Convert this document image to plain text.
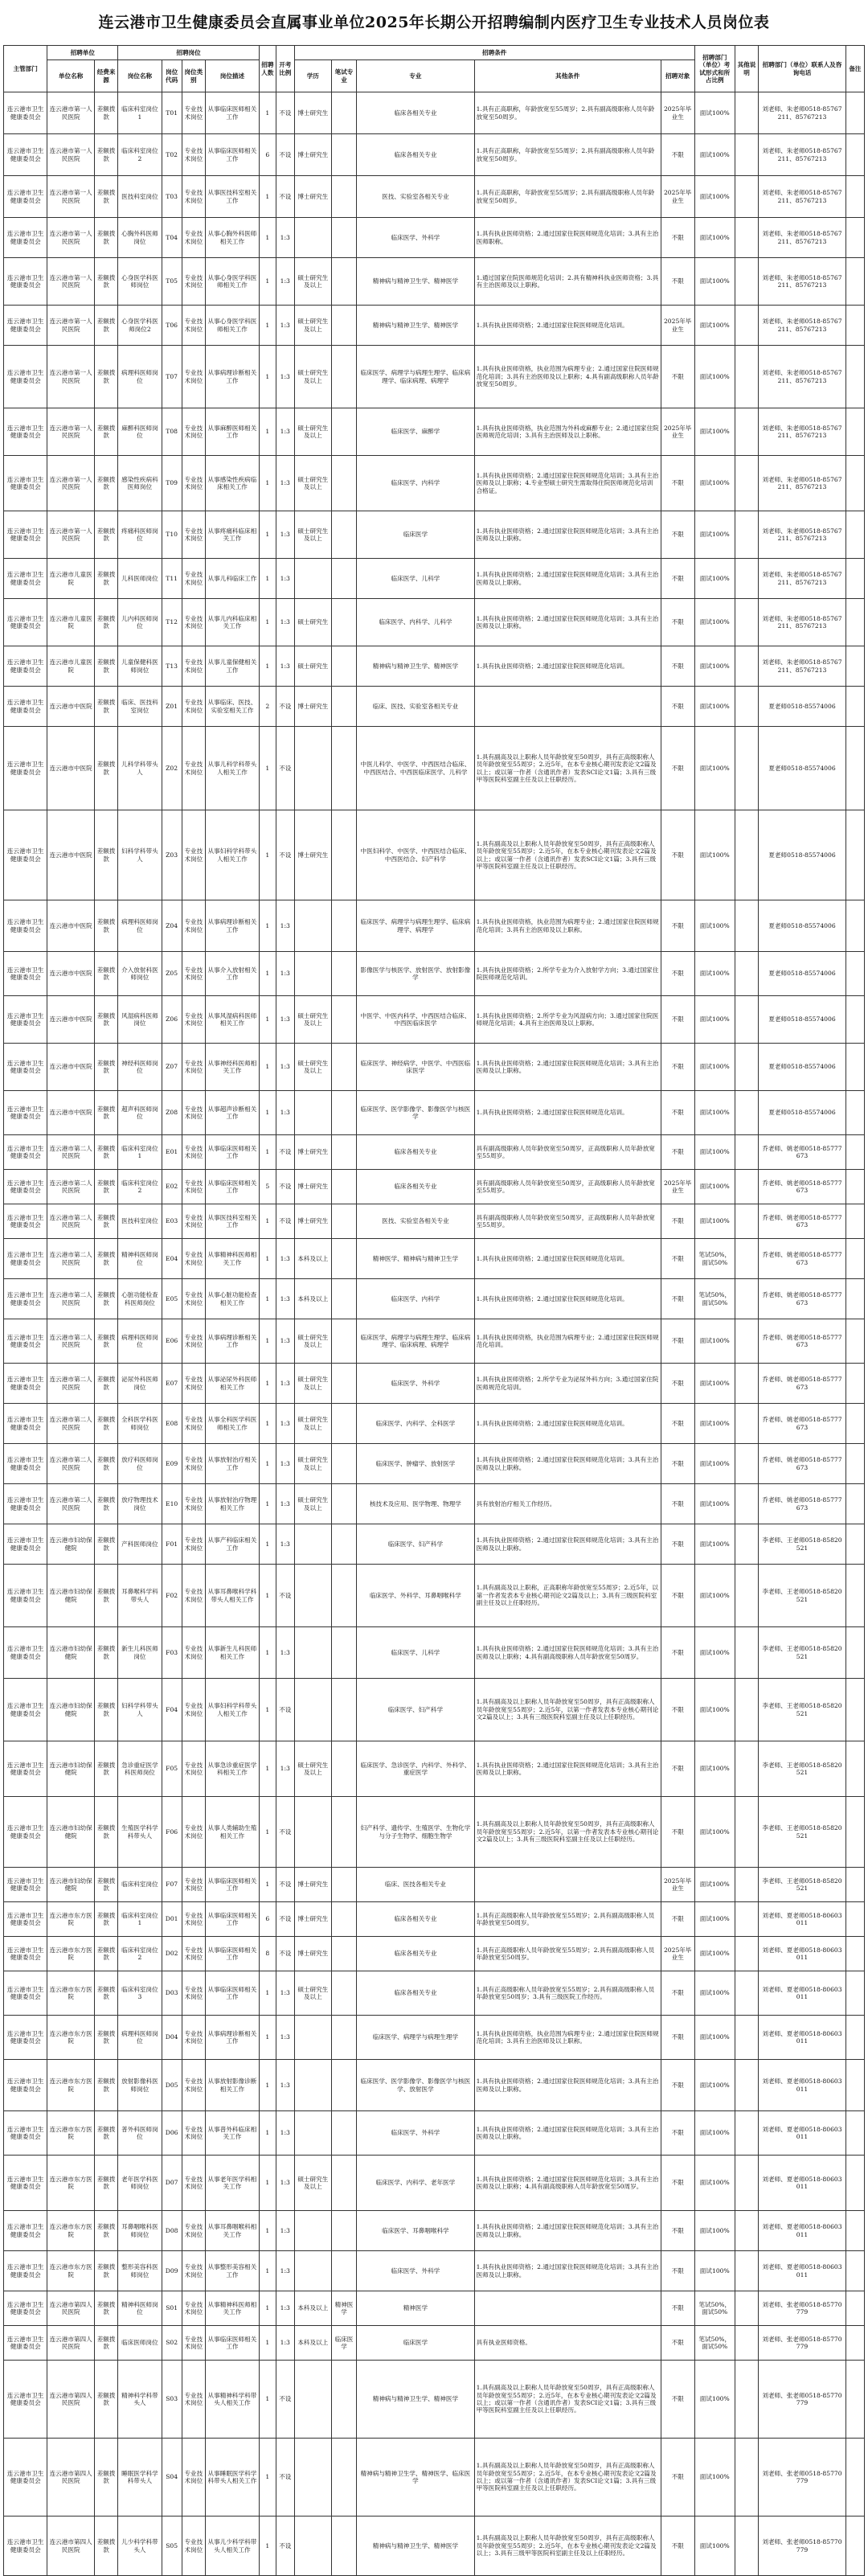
连云港市卫生健康委员会直属事业单位2025年长期公开招聘编制内医疗卫生专业技术人员岗位表
主管部门	招聘单位		招聘岗位				招聘人数	开考比例	招聘条件					招聘部门（单位）考试形式和所占比例	其他说明	招聘部门（单位）联系人及咨询电话	备注
	单位名称	经费来源	岗位名称	岗位代码	岗位类别	岗位描述			学历	笔试专业	专业	其他条件	招聘对象				
连云港市卫生健康委员会	连云港市第一人民医院	差额拨款	临床科室岗位1	T01	专业技术岗位	从事临床医师相关工作	1	不设	博士研究生		临床各相关专业	1.具有正高职称，年龄放宽至55周岁；2.具有副高级职称人员年龄放宽至50周岁。	2025年毕业生	面试100%		刘老师、朱老师0518-85767211、85767213	
连云港市卫生健康委员会	连云港市第一人民医院	差额拨款	临床科室岗位2	T02	专业技术岗位	从事临床医师相关工作	6	不设	博士研究生		临床各相关专业	1.具有正高职称，年龄放宽至55周岁；2.具有副高级职称人员年龄放宽至50周岁。	不限	面试100%		刘老师、朱老师0518-85767211、85767213	
连云港市卫生健康委员会	连云港市第一人民医院	差额拨款	医技科室岗位	T03	专业技术岗位	从事医技科室相关工作	1	不设	博士研究生		医技、实验室各相关专业	1.具有正高职称，年龄放宽至55周岁；2.具有副高级职称人员年龄放宽至50周岁。	2025年毕业生	面试100%		刘老师、朱老师0518-85767211、85767213	
连云港市卫生健康委员会	连云港市第一人民医院	差额拨款	心胸外科医师岗位	T04	专业技术岗位	从事心胸外科医师相关工作	1	1:3			临床医学、外科学	1.具有执业医师资格；2.通过国家住院医师规范化培训；3.具有主治医师职称。	不限	面试100%		刘老师、朱老师0518-85767211、85767213	
连云港市卫生健康委员会	连云港市第一人民医院	差额拨款	心身医学科医师岗位	T05	专业技术岗位	从事心身医学科医师相关工作	1	1:3	硕士研究生及以上		精神病与精神卫生学、精神医学	1.通过国家住院医师规范化培训；2.具有精神科执业医师资格；3.具有主治医师及以上职称。	不限	面试100%		刘老师、朱老师0518-85767211、85767213	
连云港市卫生健康委员会	连云港市第一人民医院	差额拨款	心身医学科医师岗位2	T06	专业技术岗位	从事心身医学科医师相关工作	1	1:3	硕士研究生及以上		精神病与精神卫生学、精神医学	1.具有执业医师资格；2.通过国家住院医师规范化培训。	2025年毕业生	面试100%		刘老师、朱老师0518-85767211、85767213	
连云港市卫生健康委员会	连云港市第一人民医院	差额拨款	病理科医师岗位	T07	专业技术岗位	从事病理诊断相关工作	1	1:3	硕士研究生及以上		临床医学、病理学与病理生理学、临床病理学、临床病理、病理学	1.具有执业医师资格，执业范围为病理专业；2.通过国家住院医师规范化培训；3.具有主治医师及以上职称；4.具有副高级职称人员年龄放宽至50周岁。	不限	面试100%		刘老师、朱老师0518-85767211、85767213	
连云港市卫生健康委员会	连云港市第一人民医院	差额拨款	麻醉科医师岗位	T08	专业技术岗位	从事麻醉医师相关工作	1	1:3	硕士研究生及以上		临床医学、麻醉学	1.具有执业医师资格，执业范围为外科或麻醉专业；2.通过国家住院医师规范化培训；3.具有主治医师及以上职称。	2025年毕业生	面试100%		刘老师、朱老师0518-85767211、85767213	
连云港市卫生健康委员会	连云港市第一人民医院	差额拨款	感染性疾病科医师岗位	T09	专业技术岗位	从事感染性疾病临床相关工作	1	1:3	硕士研究生及以上		临床医学、内科学	1.具有执业医师资格；2.通过国家住院医师规范化培训；3.具有主治医师及以上职称；4.专业型硕士研究生需取得住院医师规范化培训合格证。	不限	面试100%		刘老师、朱老师0518-85767211、85767213	
连云港市卫生健康委员会	连云港市第一人民医院	差额拨款	疼痛科医师岗位	T10	专业技术岗位	从事疼痛科临床相关工作	1	1:3	硕士研究生及以上		临床医学	1.具有执业医师资格；2.通过国家住院医师规范化培训；3.具有主治医师及以上职称。	不限	面试100%		刘老师、朱老师0518-85767211、85767213	
连云港市卫生健康委员会	连云港市儿童医院	差额拨款	儿科医师岗位	T11	专业技术岗位	从事儿科临床工作	1	1:3			临床医学、儿科学	1.具有执业医师资格；2.通过国家住院医师规范化培训；3.具有主治医师及以上职称。	不限	面试100%		刘老师、朱老师0518-85767211、85767213	
连云港市卫生健康委员会	连云港市儿童医院	差额拨款	儿内科医师岗位	T12	专业技术岗位	从事儿内科临床相关工作	1	1:3	硕士研究生		临床医学、内科学、儿科学	1.具有执业医师资格；2.通过国家住院医师规范化培训；3.具有主治医师及以上职称。	不限	面试100%		刘老师、朱老师0518-85767211、85767213	
连云港市卫生健康委员会	连云港市儿童医院	差额拨款	儿童保健科医师岗位	T13	专业技术岗位	从事儿童保健相关工作	1	1:3	硕士研究生		精神病与精神卫生学、精神医学	1.具有执业医师资格；2.通过国家住院医师规范化培训。	不限	面试100%		刘老师、朱老师0518-85767211、85767213	
连云港市卫生健康委员会	连云港市中医院	差额拨款	临床、医技科室岗位	Z01	专业技术岗位	从事临床、医技、实验室相关工作	2	不设	博士研究生		临床、医技、实验室各相关专业		不限	面试100%		夏老师0518-85574006	
连云港市卫生健康委员会	连云港市中医院	差额拨款	儿科学科带头人	Z02	专业技术岗位	从事儿科学科带头人相关工作	1	不设			中医儿科学、中医学、中西医结合临床、中西医结合、中西医临床医学、儿科学	1.具有副高及以上职称人员年龄放宽至50周岁，具有正高级职称人员年龄放宽至55周岁；2.近5年，在本专业核心期刊发表论文2篇及以上；或以第一作者（含通讯作者）发表SCI论文1篇；3.具有三级甲等医院科室副主任及以上任职经历。	不限	面试100%		夏老师0518-85574006	
连云港市卫生健康委员会	连云港市中医院	差额拨款	妇科学科带头人	Z03	专业技术岗位	从事妇科学科带头人相关工作	1	不设	博士研究生		中医妇科学、中医学、中西医结合临床、中西医结合、妇产科学	1.具有副高及以上职称人员年龄放宽至50周岁，具有正高级职称人员年龄放宽至55周岁；2.近5年，在本专业核心期刊发表论文2篇及以上；或以第一作者（含通讯作者）发表SCI论文1篇；3.具有三级甲等医院科室副主任及以上任职经历。	不限	面试100%		夏老师0518-85574006	
连云港市卫生健康委员会	连云港市中医院	差额拨款	病理科医师岗位	Z04	专业技术岗位	从事病理诊断相关工作	1	1:3			临床医学、病理学与病理生理学、临床病理学、病理学	1.具有执业医师资格，执业范围为病理专业；2.通过国家住院医师规范化培训；3.具有主治医师及以上职称。	不限	面试100%		夏老师0518-85574006	
连云港市卫生健康委员会	连云港市中医院	差额拨款	介入放射科医师岗位	Z05	专业技术岗位	从事介入放射相关工作	1	1:3			影像医学与核医学、放射医学、放射影像学	1.具有执业医师资格；2.所学专业为介入放射学方向；3.通过国家住院医师规范化培训。	不限	面试100%		夏老师0518-85574006	
连云港市卫生健康委员会	连云港市中医院	差额拨款	风湿病科医师岗位	Z06	专业技术岗位	从事风湿病科医师相关工作	1	1:3	硕士研究生及以上		中医学、中医内科学、中西医结合临床、中西医临床医学	1.具有执业医师资格；2.所学专业为风湿病方向；3.通过国家住院医师规范化培训；4.具有主治医师及以上职称。	不限	面试100%		夏老师0518-85574006	
连云港市卫生健康委员会	连云港市中医院	差额拨款	神经科医师岗位	Z07	专业技术岗位	从事神经科医师相关工作	1	1:3	硕士研究生及以上		临床医学、神经病学、中医学、中西医临床医学	1.具有执业医师资格；2.通过国家住院医师规范化培训；3.具有主治医师及以上职称。	不限	面试100%		夏老师0518-85574006	
连云港市卫生健康委员会	连云港市中医院	差额拨款	超声科医师岗位	Z08	专业技术岗位	从事超声诊断相关工作	1	1:3			临床医学、医学影像学、影像医学与核医学	1.具有执业医师资格；2.通过国家住院医师规范化培训。	不限	面试100%		夏老师0518-85574006	
连云港市卫生健康委员会	连云港市第二人民医院	差额拨款	临床科室岗位1	E01	专业技术岗位	从事临床医师相关工作	1	不设	博士研究生		临床各相关专业	具有副高级职称人员年龄放宽至50周岁，正高级职称人员年龄放宽至55周岁。	不限	面试100%		乔老师、姚老师0518-85777673	
连云港市卫生健康委员会	连云港市第二人民医院	差额拨款	临床科室岗位2	E02	专业技术岗位	从事临床医师相关工作	5	不设	博士研究生		临床各相关专业	具有副高级职称人员年龄放宽至50周岁，正高级职称人员年龄放宽至55周岁。	2025年毕业生	面试100%		乔老师、姚老师0518-85777673	
连云港市卫生健康委员会	连云港市第二人民医院	差额拨款	医技科室岗位	E03	专业技术岗位	从事医技科室相关工作	1	不设	博士研究生		医技、实验室各相关专业	具有副高级职称人员年龄放宽至50周岁，正高级职称人员年龄放宽至55周岁。	不限	面试100%		乔老师、姚老师0518-85777673	
连云港市卫生健康委员会	连云港市第二人民医院	差额拨款	精神科医师岗位	E04	专业技术岗位	从事精神科医师相关工作	1	1:3	本科及以上		精神医学、精神病与精神卫生学	1.具有执业医师资格；2.通过国家住院医师规范化培训。	不限	笔试50%，面试50%		乔老师、姚老师0518-85777673	
连云港市卫生健康委员会	连云港市第二人民医院	差额拨款	心脏功能检查科医师岗位	E05	专业技术岗位	从事心脏功能检查相关工作	1	1:3	本科及以上		临床医学、内科学	1.具有执业医师资格；2.通过国家住院医师规范化培训。	不限	笔试50%，面试50%		乔老师、姚老师0518-85777673	
连云港市卫生健康委员会	连云港市第二人民医院	差额拨款	病理科医师岗位	E06	专业技术岗位	从事病理诊断相关工作	1	1:3	硕士研究生及以上		临床医学、病理学与病理生理学、临床病理学、临床病理、病理学	1.具有执业医师资格，执业范围为病理专业；2.通过国家住院医师规范化培训。	不限	面试100%		乔老师、姚老师0518-85777673	
连云港市卫生健康委员会	连云港市第二人民医院	差额拨款	泌尿外科医师岗位	E07	专业技术岗位	从事泌尿外科医师相关工作	1	1:3	硕士研究生及以上		临床医学、外科学	1.具有执业医师资格；2.所学专业为泌尿外科方向；3.通过国家住院医师规范化培训。	不限	面试100%		乔老师、姚老师0518-85777673	
连云港市卫生健康委员会	连云港市第二人民医院	差额拨款	全科医学科医师岗位	E08	专业技术岗位	从事全科医学科医师相关工作	1	1:3	硕士研究生及以上		临床医学、内科学、全科医学	1.具有执业医师资格；2.通过国家住院医师规范化培训。	不限	面试100%		乔老师、姚老师0518-85777673	
连云港市卫生健康委员会	连云港市第二人民医院	差额拨款	放疗科医师岗位	E09	专业技术岗位	从事放射治疗相关工作	1	1:3	硕士研究生及以上		临床医学、肿瘤学、放射医学	1.具有执业医师资格；2.通过国家住院医师规范化培训；3.具有主治医师及以上职称。	不限	面试100%		乔老师、姚老师0518-85777673	
连云港市卫生健康委员会	连云港市第二人民医院	差额拨款	放疗物理技术岗位	E10	专业技术岗位	从事放射治疗物理相关工作	1	1:3	硕士研究生及以上		核技术及应用、医学物理、物理学	具有放射治疗相关工作经历。	不限	面试100%		乔老师、姚老师0518-85777673	
连云港市卫生健康委员会	连云港市妇幼保健院	差额拨款	产科医师岗位	F01	专业技术岗位	从事产科临床相关工作	1	1:3			临床医学、妇产科学	1.具有执业医师资格；2.通过国家住院医师规范化培训；3.具有主治医师及以上职称。	不限	面试100%		李老师、王老师0518-85820521	
连云港市卫生健康委员会	连云港市妇幼保健院	差额拨款	耳鼻喉科学科带头人	F02	专业技术岗位	从事耳鼻喉科学科带头人相关工作	1	不设			临床医学、外科学、耳鼻咽喉科学	1.具有副高及以上职称，正高职称年龄放宽至55周岁；2.近5年，以第一作者发表本专业核心期刊论文2篇及以上；3.具有三级医院科室副主任及以上任职经历。	不限	面试100%		李老师、王老师0518-85820521	
连云港市卫生健康委员会	连云港市妇幼保健院	差额拨款	新生儿科医师岗位	F03	专业技术岗位	从事新生儿科医师相关工作	1	1:3			临床医学、儿科学	1.具有执业医师资格；2.通过国家住院医师规范化培训；3.具有主治医师及以上职称；4.具有副高级职称人员年龄放宽至50周岁。	不限	面试100%		李老师、王老师0518-85820521	
连云港市卫生健康委员会	连云港市妇幼保健院	差额拨款	妇科学科带头人	F04	专业技术岗位	从事妇科学科带头人相关工作	1	不设			临床医学、妇产科学	1.具有副高及以上职称人员年龄放宽至50周岁，具有正高级职称人员年龄放宽至55周岁；2.近5年，以第一作者发表本专业核心期刊论文2篇及以上；3.具有三级医院科室副主任及以上任职经历。	不限	面试100%		李老师、王老师0518-85820521	
连云港市卫生健康委员会	连云港市妇幼保健院	差额拨款	急诊重症医学科医师岗位	F05	专业技术岗位	从事急诊重症医学科相关工作	1	1:3	硕士研究生及以上		临床医学、急诊医学、内科学、外科学、重症医学	1.具有执业医师资格；2.通过国家住院医师规范化培训；3.具有主治医师及以上职称。	不限	面试100%		李老师、王老师0518-85820521	
连云港市卫生健康委员会	连云港市妇幼保健院	差额拨款	生殖医学科学科带头人	F06	专业技术岗位	从事人类辅助生殖相关工作	1	不设			妇产科学、遗传学、生殖医学、生物化学与分子生物学、细胞生物学	1.具有副高及以上职称人员年龄放宽至50周岁，具有正高级职称人员年龄放宽至55周岁；2.近5年，以第一作者发表本专业核心期刊论文2篇及以上；3.具有三级医院科室副主任及以上任职经历。	不限	面试100%		李老师、王老师0518-85820521	
连云港市卫生健康委员会	连云港市妇幼保健院	差额拨款	临床科室岗位	F07	专业技术岗位	从事临床医师相关工作	1	不设	博士研究生		临床、医技各相关专业		2025年毕业生	面试100%		李老师、王老师0518-85820521	
连云港市卫生健康委员会	连云港市东方医院	差额拨款	临床科室岗位1	D01	专业技术岗位	从事临床医师相关工作	6	不设	博士研究生		临床各相关专业	1.具有正高级职称人员年龄放宽至55周岁；2.具有副高级职称人员年龄放宽至50周岁。	不限	面试100%		刘老师、夏老师0518-80603011	
连云港市卫生健康委员会	连云港市东方医院	差额拨款	临床科室岗位2	D02	专业技术岗位	从事临床医师相关工作	8	不设	博士研究生		临床各相关专业	1.具有正高级职称人员年龄放宽至55周岁；2.具有副高级职称人员年龄放宽至50周岁。	2025年毕业生	面试100%		刘老师、夏老师0518-80603011	
连云港市卫生健康委员会	连云港市东方医院	差额拨款	临床科室岗位3	D03	专业技术岗位	从事临床医师相关工作	1	1:3	硕士研究生及以上		临床各相关专业	1.具有正高级职称人员年龄放宽至55周岁；2.具有副高级职称人员年龄放宽至50周岁；3.具有三级医院工作经历。	不限	面试100%		刘老师、夏老师0518-80603011	
连云港市卫生健康委员会	连云港市东方医院	差额拨款	病理科医师岗位	D04	专业技术岗位	从事病理诊断相关工作	1	1:3			临床医学、病理学与病理生理学	1.具有执业医师资格，执业范围为病理专业；2.通过国家住院医师规范化培训；3.具有主治医师及以上职称。	不限	面试100%		刘老师、夏老师0518-80603011	
连云港市卫生健康委员会	连云港市东方医院	差额拨款	放射影像科医师岗位	D05	专业技术岗位	从事放射影像诊断相关工作	1	1:3			临床医学、医学影像学、影像医学与核医学、放射医学	1.具有执业医师资格；2.通过国家住院医师规范化培训；3.具有主治医师及以上职称。	不限	面试100%		刘老师、夏老师0518-80603011	
连云港市卫生健康委员会	连云港市东方医院	差额拨款	普外科医师岗位	D06	专业技术岗位	从事普外科临床相关工作	1	1:3			临床医学、外科学	1.具有执业医师资格；2.通过国家住院医师规范化培训；3.具有主治医师及以上职称。	不限	面试100%		刘老师、夏老师0518-80603011	
连云港市卫生健康委员会	连云港市东方医院	差额拨款	老年医学科医师岗位	D07	专业技术岗位	从事老年医学科相关工作	1	1:3	硕士研究生及以上		临床医学、内科学、老年医学	1.具有执业医师资格；2.通过国家住院医师规范化培训；3.具有主治医师及以上职称；4.具有副高级职称人员年龄放宽至50周岁。	不限	面试100%		刘老师、夏老师0518-80603011	
连云港市卫生健康委员会	连云港市东方医院	差额拨款	耳鼻咽喉科医师岗位	D08	专业技术岗位	从事耳鼻咽喉科相关工作	1	1:3			临床医学、耳鼻咽喉科学	1.具有执业医师资格；2.通过国家住院医师规范化培训；3.具有主治医师及以上职称。	不限	面试100%		刘老师、夏老师0518-80603011	
连云港市卫生健康委员会	连云港市东方医院	差额拨款	整形美容科医师岗位	D09	专业技术岗位	从事整形美容相关工作	1	1:3			临床医学、外科学	1.具有执业医师资格；2.通过国家住院医师规范化培训；3.具有主治医师及以上职称。	不限	面试100%		刘老师、夏老师0518-80603011	
连云港市卫生健康委员会	连云港市第四人民医院	差额拨款	精神科医师岗位	S01	专业技术岗位	从事精神科医师相关工作	1	1:3	本科及以上	精神医学	精神医学		不限	笔试50%，面试50%		刘老师、张老师0518-85770779	
连云港市卫生健康委员会	连云港市第四人民医院	差额拨款	临床医师岗位	S02	专业技术岗位	从事临床医师相关工作	1	1:3	本科及以上	临床医学	临床医学	具有执业医师资格。	不限	笔试50%，面试50%		刘老师、张老师0518-85770779	
连云港市卫生健康委员会	连云港市第四人民医院	差额拨款	精神科学科带头人	S03	专业技术岗位	从事精神科学科带头人相关工作	1	不设			精神病与精神卫生学、精神医学	1.具有副高及以上职称人员年龄放宽至50周岁，具有正高级职称人员年龄放宽至55周岁；2.近5年，在本专业核心期刊发表论文2篇及以上；或以第一作者（含通讯作者）发表SCI论文1篇；3.具有三级甲等医院科室副主任及以上任职经历。	不限	面试100%		刘老师、张老师0518-85770779	
连云港市卫生健康委员会	连云港市第四人民医院	差额拨款	睡眠医学科学科带头人	S04	专业技术岗位	从事睡眠医学科学科带头人相关工作	1	不设			精神病与精神卫生学、精神医学、临床医学	1.具有副高及以上职称人员年龄放宽至50周岁，具有正高级职称人员年龄放宽至55周岁；2.近5年，在本专业核心期刊发表论文2篇及以上；或以第一作者（含通讯作者）发表SCI论文1篇；3.具有三级甲等医院科室副主任及以上任职经历。	不限	面试100%		刘老师、张老师0518-85770779	
连云港市卫生健康委员会	连云港市第四人民医院	差额拨款	儿少科学科带头人	S05	专业技术岗位	从事儿少科学科带头人相关工作	1	不设			精神病与精神卫生学、精神医学	1.具有副高及以上职称人员年龄放宽至50周岁，具有正高级职称人员年龄放宽至55周岁；2.近5年，在本专业核心期刊发表论文2篇及以上；3.具有三级甲等医院科室副主任及以上任职经历。	不限	面试100%		刘老师、张老师0518-85770779	
